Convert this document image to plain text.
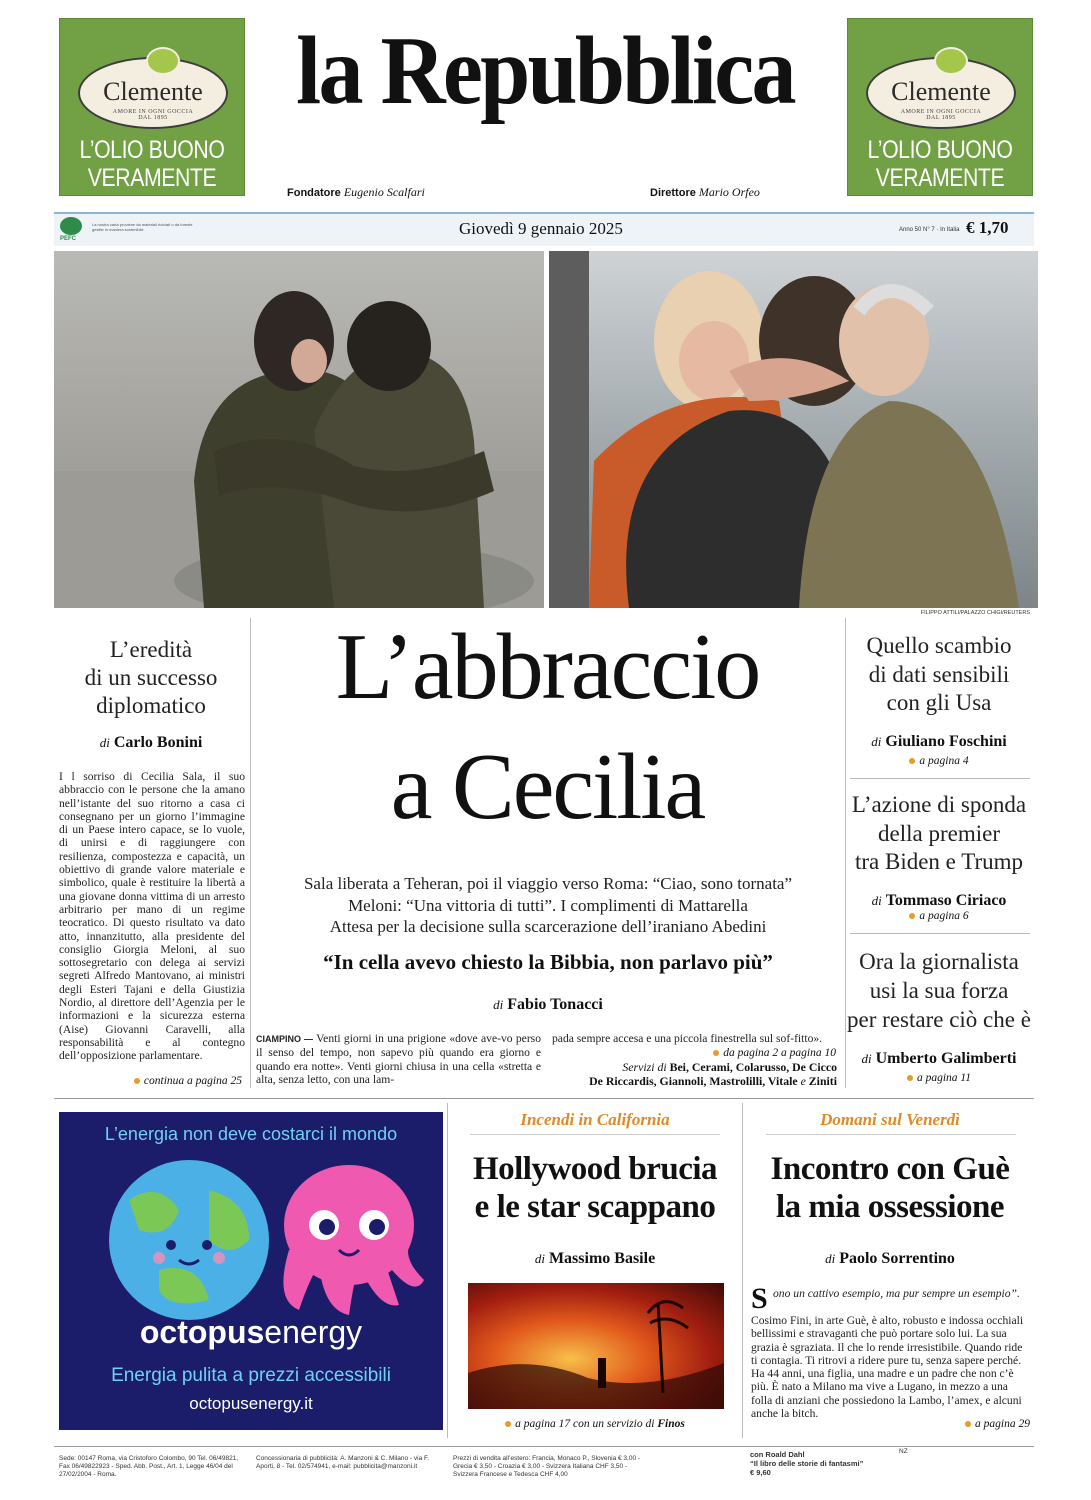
Clemente
AMORE IN OGNI GOCCIA
DAL 1895
L’OLIO BUONO
VERAMENTE
Clemente
AMORE IN OGNI GOCCIA
DAL 1895
L’OLIO BUONO
VERAMENTE
la Repubblica
Fondatore Eugenio Scalfari	Direttore Mario Orfeo
PEFC
La nostra carta proviene da materiali riciclati o da foreste gestite in maniera sostenibile	Giovedì 9 gennaio 2025	Anno 50 N° 7 · In Italia € 1,70
FILIPPO ATTILI/PALAZZO CHIGI/REUTERS
L’eredità
di un successo
diplomatico
di Carlo Bonini
I l sorriso di Cecilia Sala, il suo abbraccio con le persone che la amano nell’istante del suo ritorno a casa ci consegnano per un giorno l’immagine di un Paese intero capace, se lo vuole, di unirsi e di raggiungere con resilienza, compostezza e capacità, un obiettivo di grande valore materiale e simbolico, quale è restituire la libertà a una giovane donna vittima di un arresto arbitrario per mano di un regime teocratico. Di questo risultato va dato atto, innanzitutto, alla presidente del consiglio Giorgia Meloni, al suo sottosegretario con delega ai servizi segreti Alfredo Mantovano, ai ministri degli Esteri Tajani e della Giustizia Nordio, al direttore dell’Agenzia per le informazioni e la sicurezza esterna (Aise) Giovanni Caravelli, alla responsabilità e al contegno dell’opposizione parlamentare.
continua a pagina 25
L’abbraccio
a Cecilia
Sala liberata a Teheran, poi il viaggio verso Roma: “Ciao, sono tornata”
Meloni: “Una vittoria di tutti”. I complimenti di Mattarella
Attesa per la decisione sulla scarcerazione dell’iraniano Abedini
“In cella avevo chiesto la Bibbia, non parlavo più”
di Fabio Tonacci
CIAMPINO — Venti giorni in una prigione «dove ave-vo perso il senso del tempo, non sapevo più quando era giorno e quando era notte». Venti giorni chiusa in una cella «stretta e alta, senza letto, con una lam-
pada sempre accesa e una piccola finestrella sul sof-fitto».
da pagina 2 a pagina 10
Servizi di Bei, Cerami, Colarusso, De Cicco
De Riccardis, Giannoli, Mastrolilli, Vitale e Ziniti
Quello scambio
di dati sensibili
con gli Usa
di Giuliano Foschini
a pagina 4
L’azione di sponda
della premier
tra Biden e Trump
di Tommaso Ciriaco
a pagina 6
Ora la giornalista
usi la sua forza
per restare ciò che è
di Umberto Galimberti
a pagina 11
L’energia non deve costarci il mondo
octopusenergy
Energia pulita a prezzi accessibili
octopusenergy.it
Incendi in California
Hollywood brucia
e le star scappano
di Massimo Basile
a pagina 17 con un servizio di Finos
Domani sul Venerdì
Incontro con Guè
la mia ossessione
di Paolo Sorrentino
S ono un cattivo esempio, ma pur sempre un esempio”.
Cosimo Fini, in arte Guè, è alto, robusto e indossa occhiali bellissimi e stravaganti che può portare solo lui. La sua grazia è sgraziata. Il che lo rende irresistibile. Quando ride ti contagia. Ti ritrovi a ridere pure tu, senza sapere perché. Ha 44 anni, una figlia, una madre e un padre che non c’è più. È nato a Milano ma vive a Lugano, in mezzo a una folla di anziani che possiedono la Lambo, l’amex, e alcuni anche la bitch.
a pagina 29
Sede: 00147 Roma, via Cristoforo Colombo, 90 Tel. 06/49821, Fax 06/49822923 - Sped. Abb. Post., Art. 1, Legge 46/04 del 27/02/2004 - Roma.
Concessionaria di pubblicità: A. Manzoni & C. Milano - via F. Aporti, 8 - Tel. 02/574941, e-mail: pubblicita@manzoni.it
Prezzi di vendita all’estero: Francia, Monaco P., Slovenia € 3,00 - Grecia € 3,50 - Croazia € 3,00 - Svizzera Italiana CHF 3,50 - Svizzera Francese e Tedesca CHF 4,00
con Roald Dahl
“Il libro delle storie di fantasmi”
€ 9,60
NZ
